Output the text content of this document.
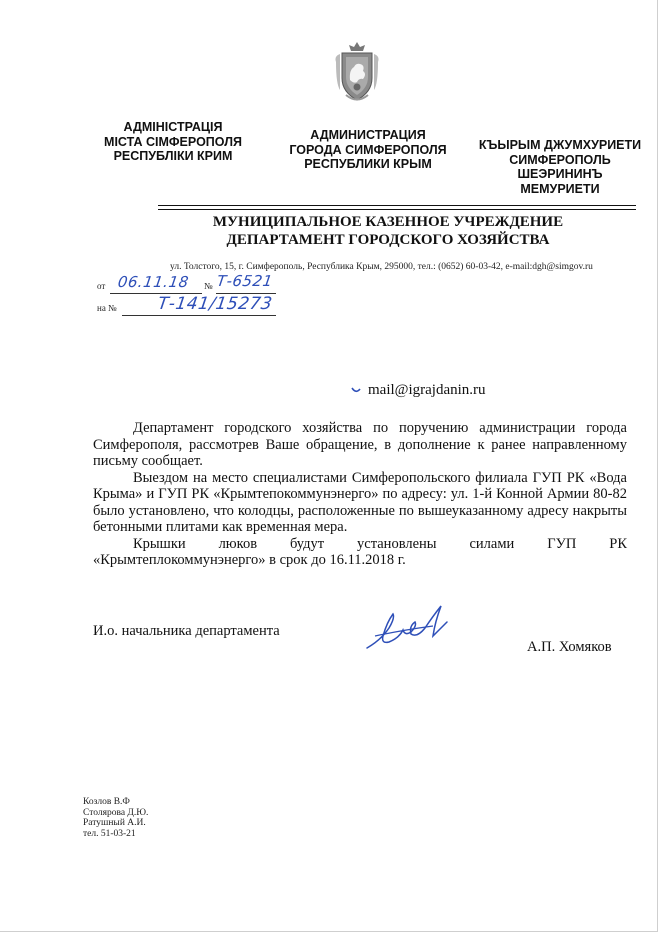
АДМІНІСТРАЦІЯ
МІСТА СІМФЕРОПОЛЯ
РЕСПУБЛІКИ КРИМ
АДМИНИСТРАЦИЯ
ГОРОДА СИМФЕРОПОЛЯ
РЕСПУБЛИКИ КРЫМ
КЪЫРЫМ ДЖУМХУРИЕТИ
СИМФЕРОПОЛЬ
ШЕЭРИНИНЪ
МЕМУРИЕТИ
МУНИЦИПАЛЬНОЕ КАЗЕННОЕ УЧРЕЖДЕНИЕ
ДЕПАРТАМЕНТ ГОРОДСКОГО ХОЗЯЙСТВА
ул. Толстого, 15, г. Симферополь, Республика Крым, 295000, тел.: (0652) 60-03-42, e-mail:dgh@simgov.ru
от	№
на №
06.11.18 Т-6521
Т-141/15273
mail@igrajdanin.ru

Департамент городского хозяйства по поручению администрации города Симферополя, рассмотрев Ваше обращение, в дополнение к ранее направленному письму сообщает.

Выездом на место специалистами Симферопольского филиала ГУП РК «Вода Крыма» и ГУП РК «Крымтепокоммунэнерго» по адресу: ул. 1-й Конной Армии 80-82 было установлено, что колодцы, расположенные по вышеуказанному адресу накрыты бетонными плитами как временная мера.

Крышки люков будут установлены силами ГУП РК «Крымтеплокоммунэнерго» в срок до 16.11.2018 г.

И.о. начальника департамента
А.П. Хомяков
Козлов В.Ф
Столярова Д.Ю.
Ратушный А.И.
тел. 51-03-21
